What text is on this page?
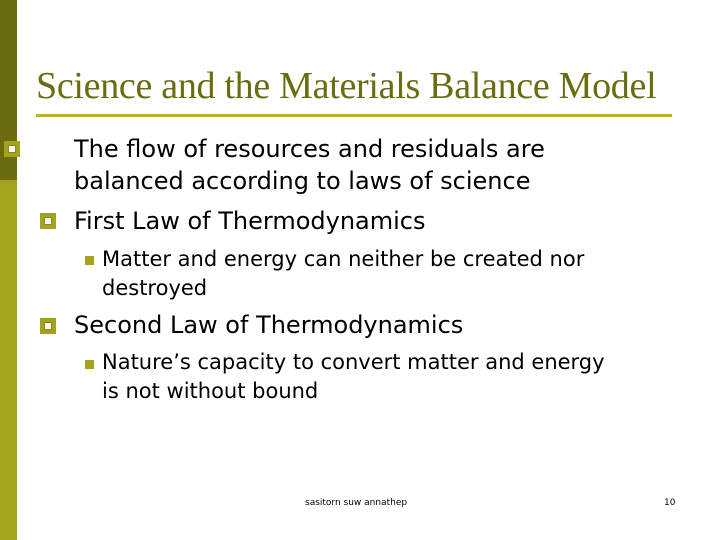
Science and the Materials Balance Model
The flow of resources and residuals are
balanced according to laws of science
First Law of Thermodynamics
Matter and energy can neither be created nor
destroyed
Second Law of Thermodynamics
Nature’s capacity to convert matter and energy
is not without bound
sasitorn suw annathep	10
